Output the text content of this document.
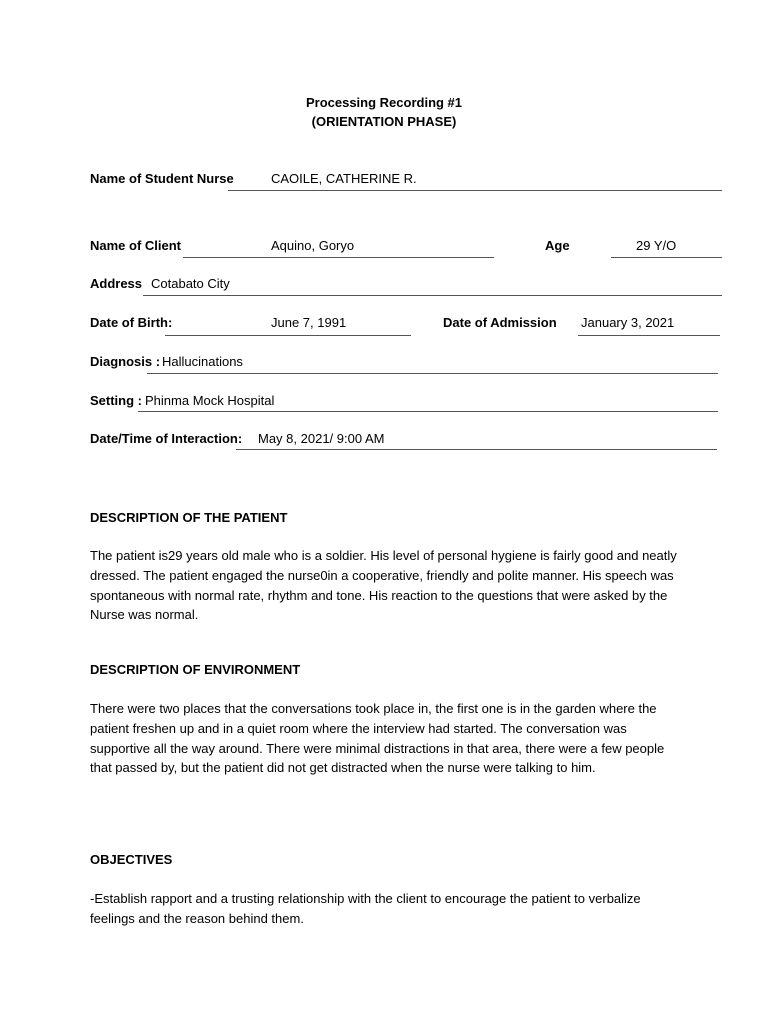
Processing Recording #1
(ORIENTATION PHASE)
Name of Student Nurse	CAOILE, CATHERINE R.
Name of Client	Aquino, Goryo	Age	29 Y/O
Address Cotabato City
Date of Birth:	June 7, 1991	Date of Admission January 3, 2021
Diagnosis : Hallucinations
Setting : Phinma Mock Hospital
Date/Time of Interaction: May 8, 2021/ 9:00 AM
DESCRIPTION OF THE PATIENT
The patient is29 years old male who is a soldier. His level of personal hygiene is fairly good and neatly dressed. The patient engaged the nurse0in a cooperative, friendly and polite manner. His speech was spontaneous with normal rate, rhythm and tone. His reaction to the questions that were asked by the Nurse was normal.
DESCRIPTION OF ENVIRONMENT
There were two places that the conversations took place in, the first one is in the garden where the patient freshen up and in a quiet room where the interview had started. The conversation was supportive all the way around. There were minimal distractions in that area, there were a few people that passed by, but the patient did not get distracted when the nurse were talking to him.
OBJECTIVES
-Establish rapport and a trusting relationship with the client to encourage the patient to verbalize feelings and the reason behind them.
